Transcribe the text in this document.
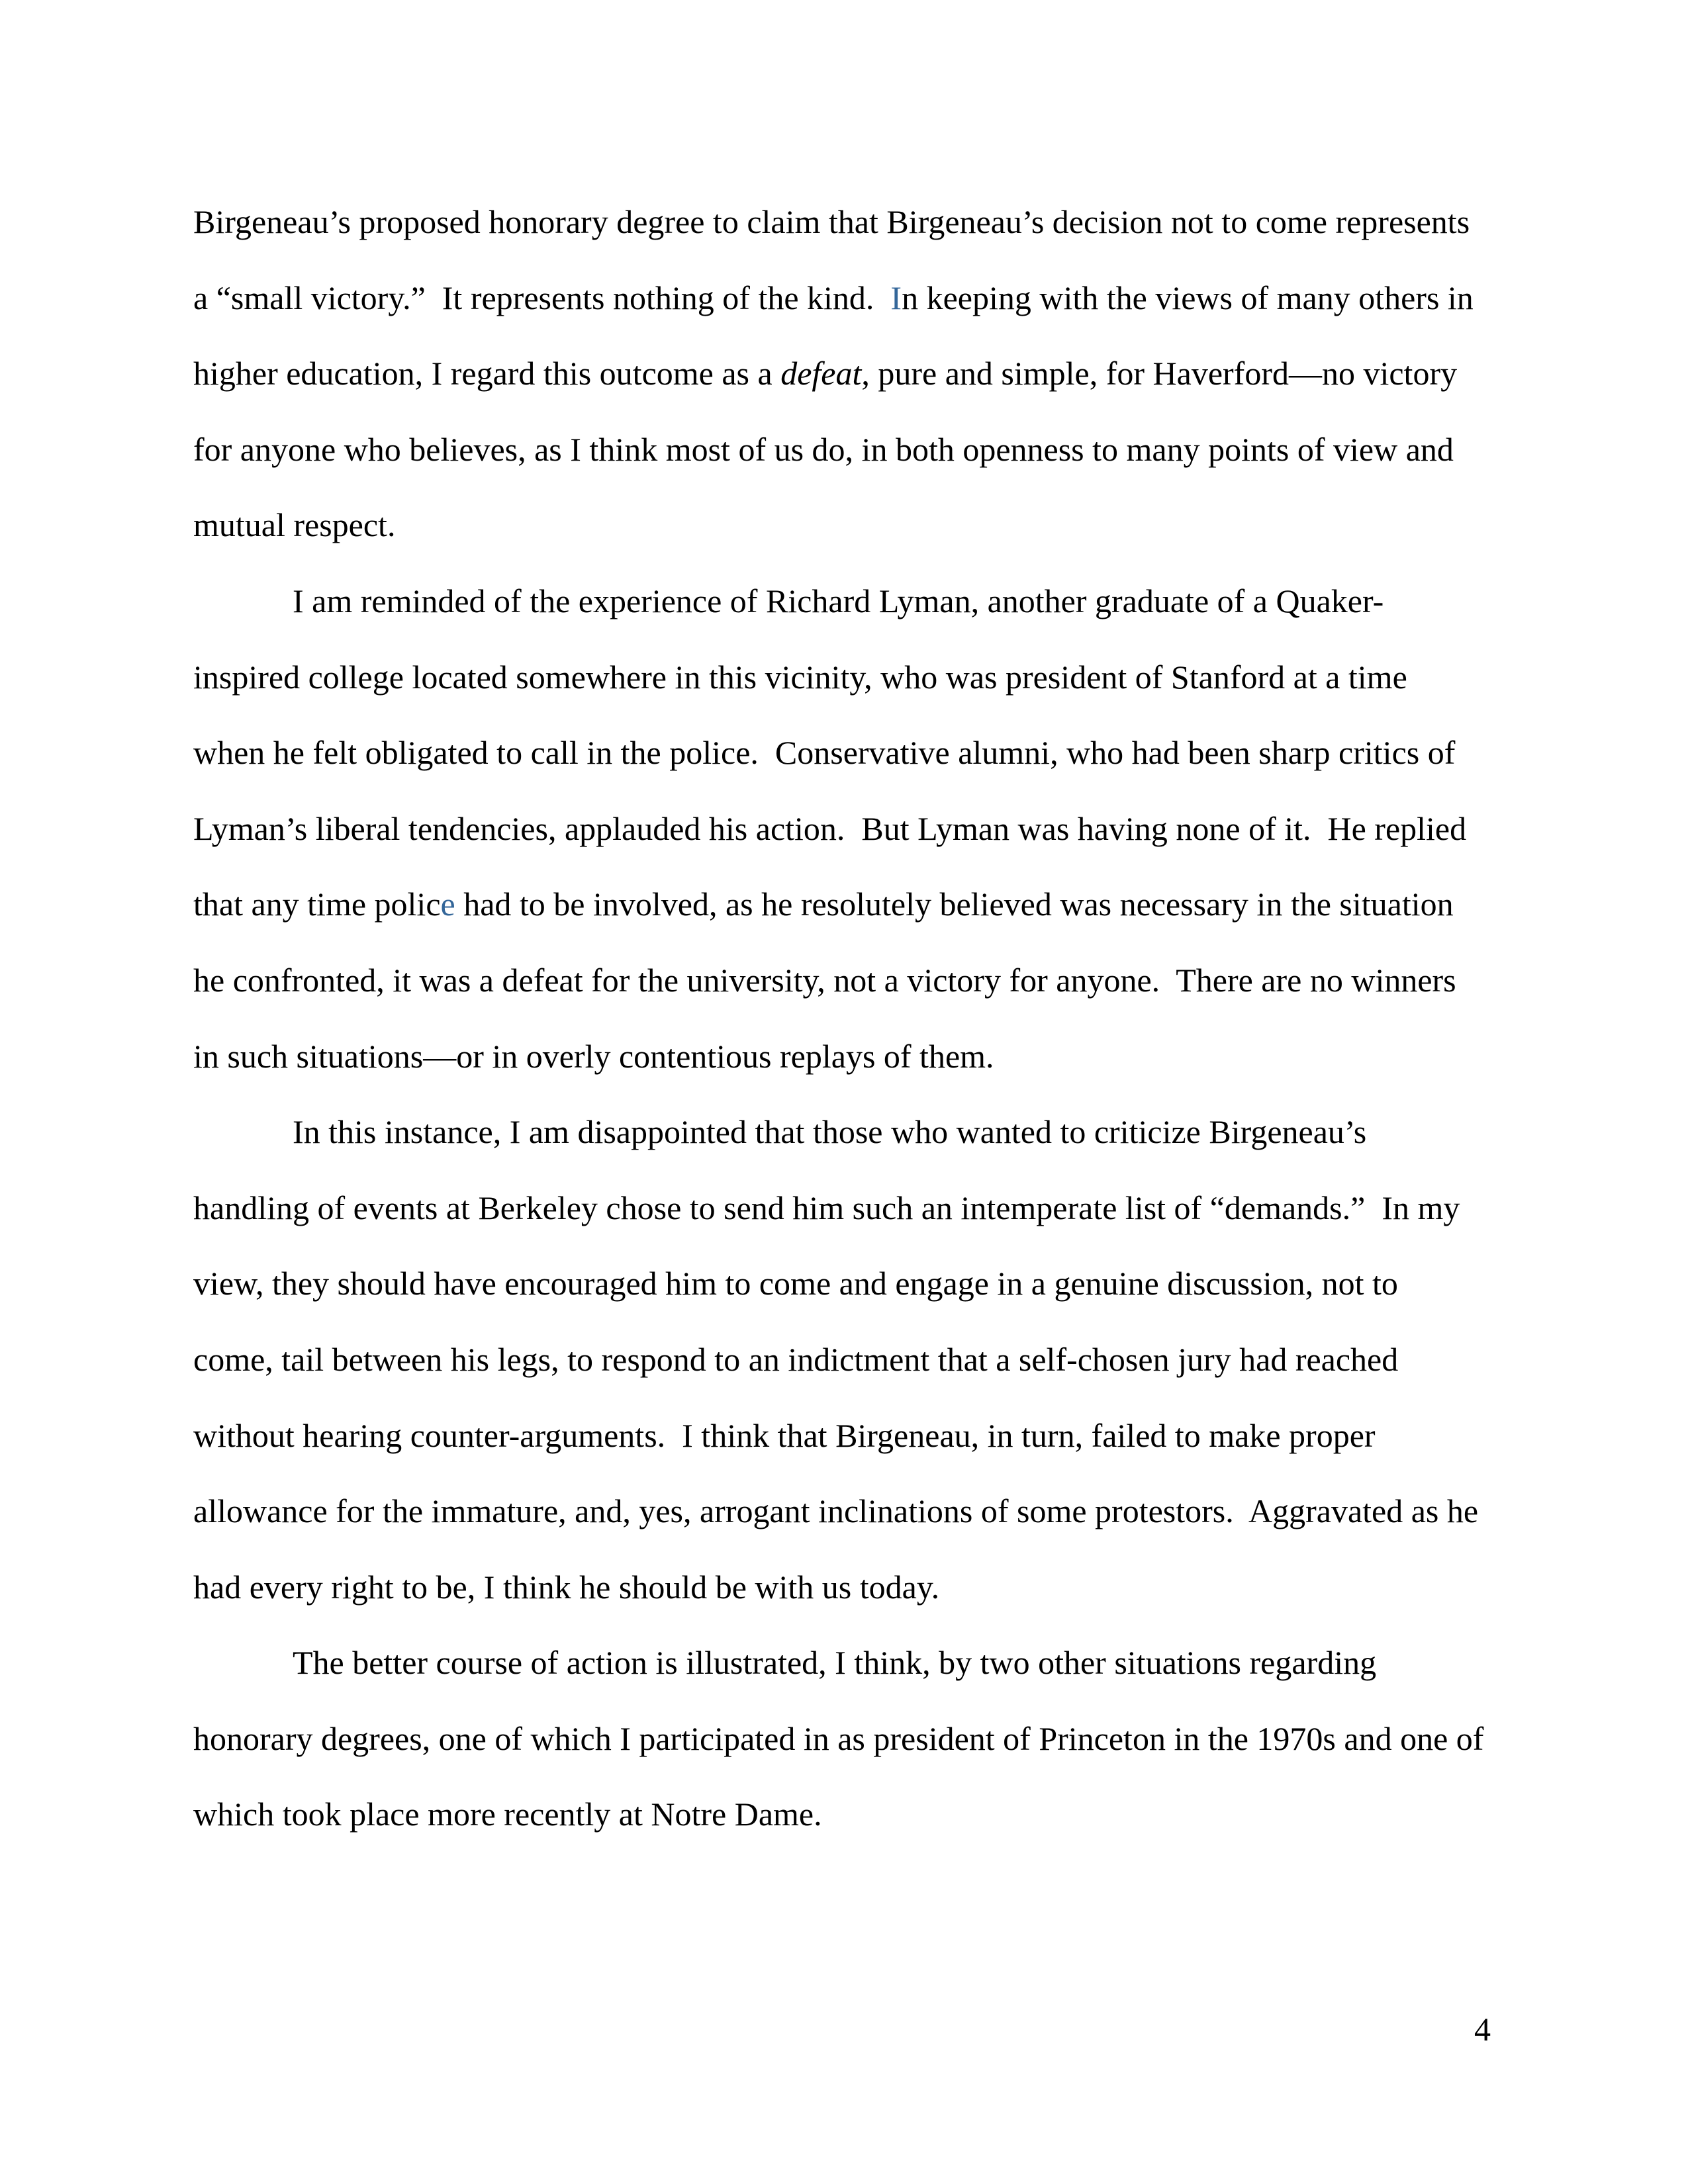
Birgeneau’s proposed honorary degree to claim that Birgeneau’s decision not to come represents
a “small victory.”  It represents nothing of the kind.  In keeping with the views of many others in
higher education, I regard this outcome as a defeat, pure and simple, for Haverford—no victory
for anyone who believes, as I think most of us do, in both openness to many points of view and
mutual respect.
I am reminded of the experience of Richard Lyman, another graduate of a Quaker-
inspired college located somewhere in this vicinity, who was president of Stanford at a time
when he felt obligated to call in the police.  Conservative alumni, who had been sharp critics of
Lyman’s liberal tendencies, applauded his action.  But Lyman was having none of it.  He replied
that any time police had to be involved, as he resolutely believed was necessary in the situation
he confronted, it was a defeat for the university, not a victory for anyone.  There are no winners
in such situations—or in overly contentious replays of them.
In this instance, I am disappointed that those who wanted to criticize Birgeneau’s
handling of events at Berkeley chose to send him such an intemperate list of “demands.”  In my
view, they should have encouraged him to come and engage in a genuine discussion, not to
come, tail between his legs, to respond to an indictment that a self-chosen jury had reached
without hearing counter-arguments.  I think that Birgeneau, in turn, failed to make proper
allowance for the immature, and, yes, arrogant inclinations of some protestors.  Aggravated as he
had every right to be, I think he should be with us today.
The better course of action is illustrated, I think, by two other situations regarding
honorary degrees, one of which I participated in as president of Princeton in the 1970s and one of
which took place more recently at Notre Dame.
4
